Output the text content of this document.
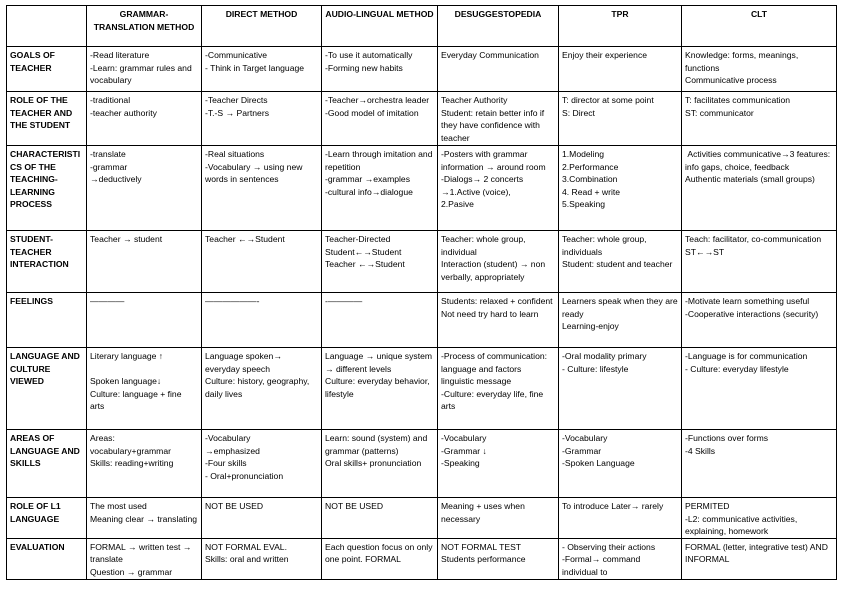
	GRAMMAR-TRANSLATION METHOD	DIRECT METHOD	AUDIO-LINGUAL METHOD	DESUGGESTOPEDIA	TPR	CLT
GOALS OF TEACHER	-Read literature
-Learn: grammar rules and vocabulary	-Communicative
- Think in Target language	-To use it automatically
-Forming new habits	Everyday Communication	Enjoy their experience	Knowledge: forms, meanings, functions
Communicative process

ROLE OF THE TEACHER AND THE STUDENT	-traditional
-teacher authority	-Teacher Directs
-T.-S → Partners	-Teacher→orchestra leader
-Good model of imitation	Teacher Authority
Student: retain better info if they have confidence with teacher	T: director at some point
S: Direct	T: facilitates communication
ST: communicator

CHARACTERISTICS OF THE TEACHING-LEARNING PROCESS	-translate
-grammar
→deductively	-Real situations
-Vocabulary → using new words in sentences	-Learn through imitation and repetition
-grammar →examples
-cultural info→dialogue	-Posters with grammar information → around room
-Dialogs→ 2 concerts
→1.Active (voice),
2.Pasive	1.Modeling
2.Performance
3.Combination
4. Read + write
5.Speaking	Activities communicative→3 features: info gaps, choice, feedback
Authentic materials (small groups)

STUDENT-TEACHER INTERACTION	Teacher → student	Teacher ←→Student	Teacher-Directed
Student←→Student
Teacher ←→Student	Teacher: whole group, individual
Interaction (student) → non verbally, appropriately	Teacher: whole group, individuals
Student: student and teacher	Teach: facilitator, co-communication
ST←→ST

FEELINGS	————	——————-	-————	Students: relaxed + confident
Not need try hard to learn	Learners speak when they are ready
Learning-enjoy	-Motivate learn something useful
-Cooperative interactions (security)

LANGUAGE AND CULTURE VIEWED	Literary language ↑
Spoken language↓
Culture: language + fine arts	Language spoken→ everyday speech
Culture: history, geography, daily lives	Language → unique system → different levels
Culture: everyday behavior, lifestyle	-Process of communication: language and factors linguistic message
-Culture: everyday life, fine arts	-Oral modality primary
- Culture: lifestyle	-Language is for communication
- Culture: everyday lifestyle

AREAS OF LANGUAGE AND SKILLS	Areas: vocabulary+grammar
Skills: reading+writing	-Vocabulary
→emphasized
-Four skills
- Oral+pronunciation	Learn: sound (system) and grammar (patterns)
Oral skills+ pronunciation	-Vocabulary
-Grammar ↓
-Speaking	-Vocabulary
-Grammar
-Spoken Language	-Functions over forms
-4 Skills

ROLE OF L1 LANGUAGE	The most used
Meaning clear → translating	NOT BE USED	NOT BE USED	Meaning + uses when necessary	To introduce Later→ rarely	PERMITED
-L2: communicative activities, explaining, homework

EVALUATION	FORMAL → written test → translate
Question → grammar	NOT FORMAL EVAL.
Skills: oral and written	Each question focus on only one point. FORMAL	NOT FORMAL TEST
Students performance	- Observing their actions
-Formal→ command individual to	FORMAL (letter, integrative test) AND INFORMAL
